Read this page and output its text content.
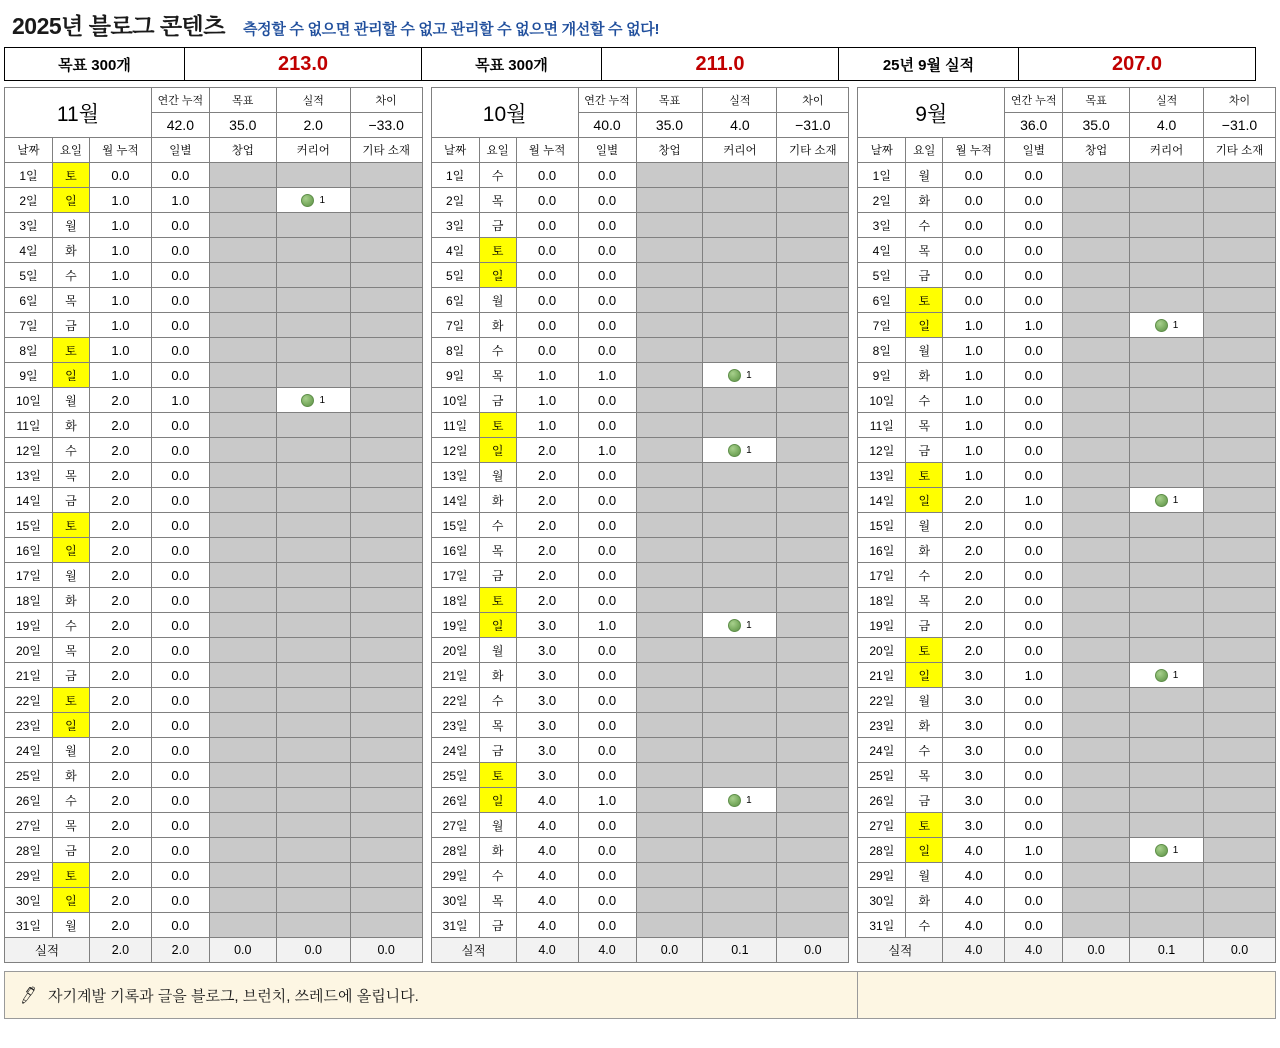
2025년 블로그 콘텐츠 측정할 수 없으면 관리할 수 없고 관리할 수 없으면 개선할 수 없다!
목표 300개	213.0	목표 300개	211.0	25년 9월 실적	207.0
11월			연간 누적	목표	실적	차이
			42.0	35.0	2.0	−33.0
날짜	요일	월 누적	일별	창업	커리어	기타 소재
1일	토	0.0	0.0			
2일	일	1.0	1.0		1	

3일	월	1.0	0.0			
4일	화	1.0	0.0			
5일	수	1.0	0.0			
6일	목	1.0	0.0			
7일	금	1.0	0.0			
8일	토	1.0	0.0			
9일	일	1.0	0.0			
10일	월	2.0	1.0		1	

11일	화	2.0	0.0			
12일	수	2.0	0.0			
13일	목	2.0	0.0			
14일	금	2.0	0.0			
15일	토	2.0	0.0			
16일	일	2.0	0.0			
17일	월	2.0	0.0			
18일	화	2.0	0.0			
19일	수	2.0	0.0			
20일	목	2.0	0.0			
21일	금	2.0	0.0			
22일	토	2.0	0.0			
23일	일	2.0	0.0			
24일	월	2.0	0.0			
25일	화	2.0	0.0			
26일	수	2.0	0.0			
27일	목	2.0	0.0			
28일	금	2.0	0.0			
29일	토	2.0	0.0			
30일	일	2.0	0.0			
31일	월	2.0	0.0			
실적		2.0	2.0	0.0	0.0	0.0
10월			연간 누적	목표	실적	차이
			40.0	35.0	4.0	−31.0
날짜	요일	월 누적	일별	창업	커리어	기타 소재
1일	수	0.0	0.0			
2일	목	0.0	0.0			
3일	금	0.0	0.0			
4일	토	0.0	0.0			
5일	일	0.0	0.0			
6일	월	0.0	0.0			
7일	화	0.0	0.0			
8일	수	0.0	0.0			
9일	목	1.0	1.0		1	

10일	금	1.0	0.0			
11일	토	1.0	0.0			
12일	일	2.0	1.0		1	

13일	월	2.0	0.0			
14일	화	2.0	0.0			
15일	수	2.0	0.0			
16일	목	2.0	0.0			
17일	금	2.0	0.0			
18일	토	2.0	0.0			
19일	일	3.0	1.0		1	

20일	월	3.0	0.0			
21일	화	3.0	0.0			
22일	수	3.0	0.0			
23일	목	3.0	0.0			
24일	금	3.0	0.0			
25일	토	3.0	0.0			
26일	일	4.0	1.0		1	

27일	월	4.0	0.0			
28일	화	4.0	0.0			
29일	수	4.0	0.0			
30일	목	4.0	0.0			
31일	금	4.0	0.0			
실적		4.0	4.0	0.0	0.1	0.0
9월			연간 누적	목표	실적	차이
			36.0	35.0	4.0	−31.0
날짜	요일	월 누적	일별	창업	커리어	기타 소재
1일	월	0.0	0.0			
2일	화	0.0	0.0			
3일	수	0.0	0.0			
4일	목	0.0	0.0			
5일	금	0.0	0.0			
6일	토	0.0	0.0			
7일	일	1.0	1.0		1	

8일	월	1.0	0.0			
9일	화	1.0	0.0			
10일	수	1.0	0.0			
11일	목	1.0	0.0			
12일	금	1.0	0.0			
13일	토	1.0	0.0			
14일	일	2.0	1.0		1	

15일	월	2.0	0.0			
16일	화	2.0	0.0			
17일	수	2.0	0.0			
18일	목	2.0	0.0			
19일	금	2.0	0.0			
20일	토	2.0	0.0			
21일	일	3.0	1.0		1	

22일	월	3.0	0.0			
23일	화	3.0	0.0			
24일	수	3.0	0.0			
25일	목	3.0	0.0			
26일	금	3.0	0.0			
27일	토	3.0	0.0			
28일	일	4.0	1.0		1	

29일	월	4.0	0.0			
30일	화	4.0	0.0			
31일	수	4.0	0.0			
실적		4.0	4.0	0.0	0.1	0.0
🖊 자기계발 기록과 글을 블로그, 브런치, 쓰레드에 올립니다.
